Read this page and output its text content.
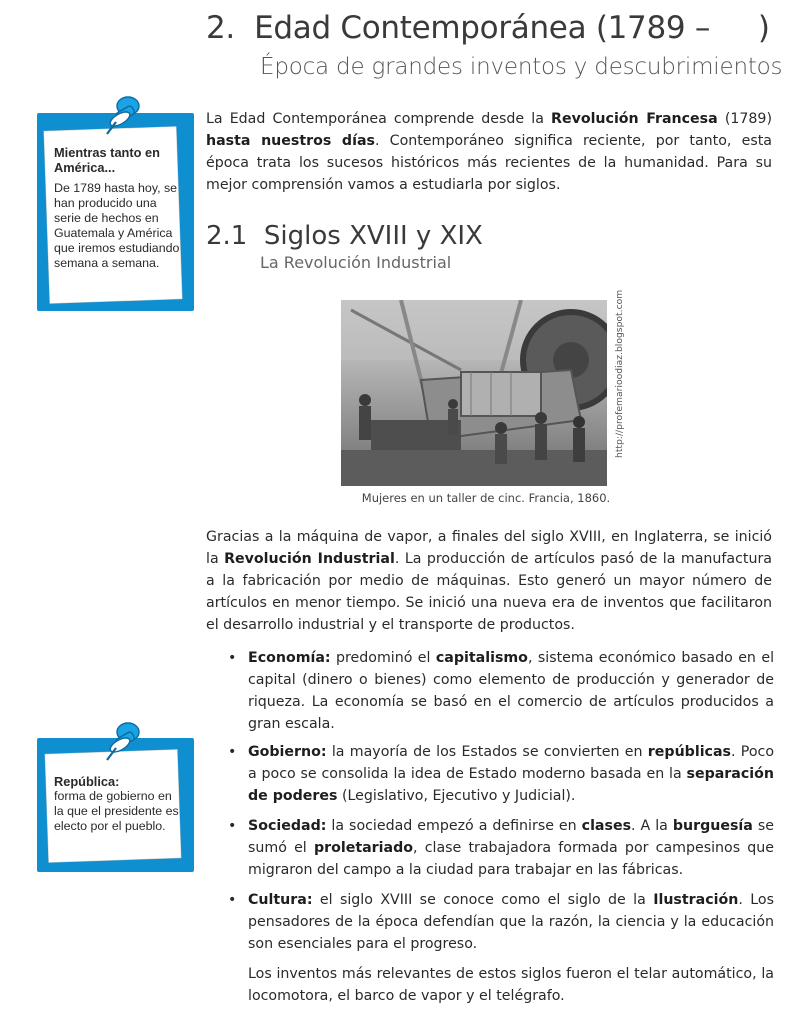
2. Edad Contemporánea (1789 –     )
Época de grandes inventos y descubrimientos
Mientras tanto en América...
De 1789 hasta hoy, se han producido una serie de hechos en Guatemala y América que iremos estudiando semana a semana.
La Edad Contemporánea comprende desde la Revolución Francesa (1789) hasta nuestros días. Contemporáneo significa reciente, por tanto, esta época trata los sucesos históricos más recientes de la humanidad. Para su mejor comprensión vamos a estudiarla por siglos.
2.1 Siglos XVIII y XIX
La Revolución Industrial
http://profemarioodiaz.blogspot.com
Mujeres en un taller de cinc. Francia, 1860.
Gracias a la máquina de vapor, a finales del siglo XVIII, en Inglaterra, se inició la Revolución Industrial. La producción de artículos pasó de la manufactura a la fabricación por medio de máquinas. Esto generó un mayor número de artículos en menor tiempo. Se inició una nueva era de inventos que facilitaron el desarrollo industrial y el transporte de productos.
• Economía: predominó el capitalismo, sistema económico basado en el capital (dinero o bienes) como elemento de producción y generador de riqueza. La economía se basó en el comercio de artículos producidos a gran escala.
• Gobierno: la mayoría de los Estados se convierten en repúblicas. Poco a poco se consolida la idea de Estado moderno basada en la separación de poderes (Legislativo, Ejecutivo y Judicial).
• Sociedad: la sociedad empezó a definirse en clases. A la burguesía se sumó el proletariado, clase trabajadora formada por campesinos que migraron del campo a la ciudad para trabajar en las fábricas.
• Cultura: el siglo XVIII se conoce como el siglo de la Ilustración. Los pensadores de la época defendían que la razón, la ciencia y la educación son esenciales para el progreso.
Los inventos más relevantes de estos siglos fueron el telar automático, la locomotora, el barco de vapor y el telégrafo.
República:
forma de gobierno en la que el presidente es electo por el pueblo.
